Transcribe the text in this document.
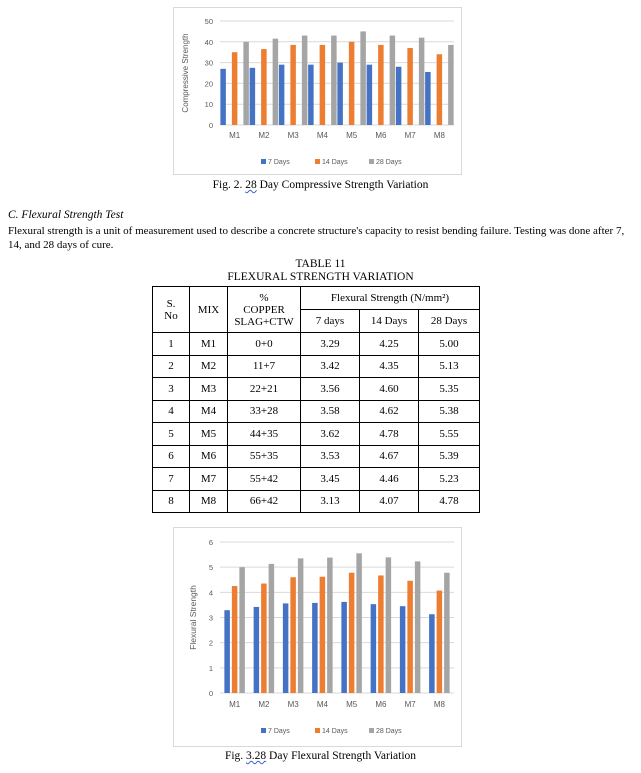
0
10
20
30
40
50
Compressive Strength
M1 M2 M3 M4 M5 M6 M7 M8
7 Days	14 Days	28 Days
Fig. 2. 28 Day Compressive Strength Variation
C. Flexural Strength Test
Flexural strength is a unit of measurement used to describe a concrete structure's capacity to resist bending failure. Testing was done after 7, 14, and 28 days of cure.
TABLE 11
FLEXURAL STRENGTH VARIATION
S.
No	MIX	%
COPPER
SLAG+CTW	Flexural Strength (N/mm²)		
			7 days	14 Days	28 Days
1	M1	0+0	3.29	4.25	5.00
2	M2	11+7	3.42	4.35	5.13
3	M3	22+21	3.56	4.60	5.35
4	M4	33+28	3.58	4.62	5.38
5	M5	44+35	3.62	4.78	5.55
6	M6	55+35	3.53	4.67	5.39
7	M7	55+42	3.45	4.46	5.23
8	M8	66+42	3.13	4.07	4.78
0
1
2
3
4
5
6
Flexural Strength
M1 M2 M3 M4 M5 M6 M7 M8
7 Days	14 Days	28 Days
Fig. 3.28 Day Flexural Strength Variation
